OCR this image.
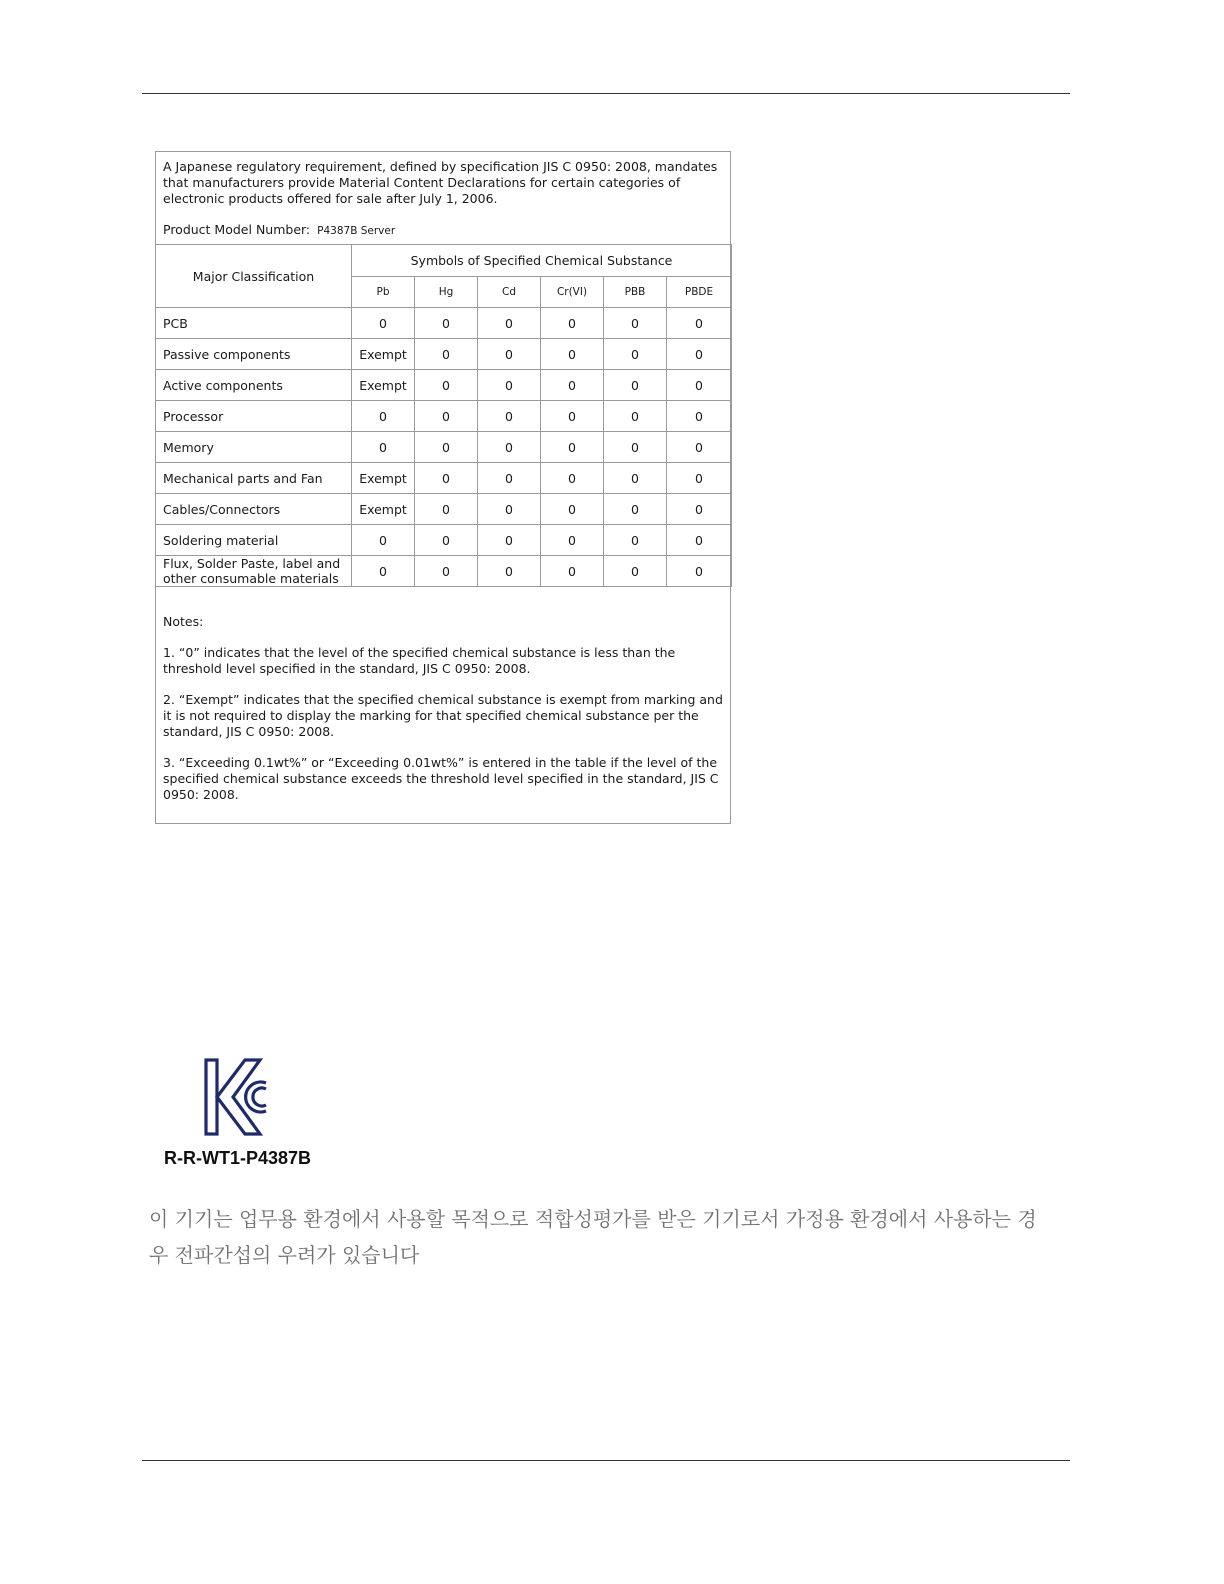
A Japanese regulatory requirement, defined by specification JIS C 0950: 2008, mandates that manufacturers provide Material Content Declarations for certain categories of electronic products offered for sale after July 1, 2006.
Product Model Number: P4387B Server
Major Classification	Symbols of Specified Chemical Substance					
	Pb	Hg	Cd	Cr(VI)	PBB	PBDE
PCB	0	0	0	0	0	0
Passive components	Exempt	0	0	0	0	0
Active components	Exempt	0	0	0	0	0
Processor	0	0	0	0	0	0
Memory	0	0	0	0	0	0
Mechanical parts and Fan	Exempt	0	0	0	0	0
Cables/Connectors	Exempt	0	0	0	0	0
Soldering material	0	0	0	0	0	0
Flux, Solder Paste, label and other consumable materials	0	0	0	0	0	0

Notes:

1. “0” indicates that the level of the specified chemical substance is less than the threshold level specified in the standard, JIS C 0950: 2008.

2. “Exempt” indicates that the specified chemical substance is exempt from marking and it is not required to display the marking for that specified chemical substance per the standard, JIS C 0950: 2008.

3. “Exceeding 0.1wt%” or “Exceeding 0.01wt%” is entered in the table if the level of the specified chemical substance exceeds the threshold level specified in the standard, JIS C 0950: 2008.

R-R-WT1-P4387B
이 기기는 업무용 환경에서 사용할 목적으로 적합성평가를 받은 기기로서 가정용 환경에서 사용하는 경우 전파간섭의 우려가 있습니다
